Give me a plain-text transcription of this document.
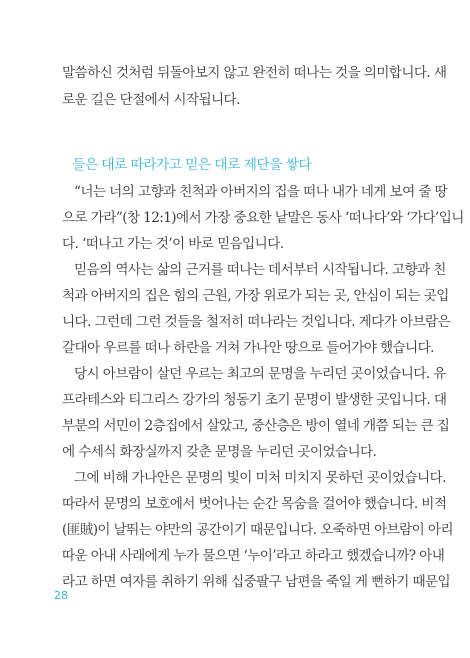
말씀하신 것처럼 뒤돌아보지 않고 완전히 떠나는 것을 의미합니다. 새
로운 길은 단절에서 시작됩니다.
들은 대로 따라가고 믿은 대로 제단을 쌓다
“너는 너의 고향과 친척과 아버지의 집을 떠나 내가 네게 보여 줄 땅
으로 가라”(창 12:1)에서 가장 중요한 낱말은 동사 ‘떠나다’와 ‘가다’입니
다. ‘떠나고 가는 것’이 바로 믿음입니다.
믿음의 역사는 삶의 근거를 떠나는 데서부터 시작됩니다. 고향과 친
척과 아버지의 집은 힘의 근원, 가장 위로가 되는 곳, 안심이 되는 곳입
니다. 그런데 그런 것들을 철저히 떠나라는 것입니다. 게다가 아브람은
갈대아 우르를 떠나 하란을 거쳐 가나안 땅으로 들어가야 했습니다.
당시 아브람이 살던 우르는 최고의 문명을 누리던 곳이었습니다. 유
프라테스와 티그리스 강가의 청동기 초기 문명이 발생한 곳입니다. 대
부분의 서민이 2층집에서 살았고, 중산층은 방이 열네 개쯤 되는 큰 집
에 수세식 화장실까지 갖춘 문명을 누리던 곳이었습니다.
그에 비해 가나안은 문명의 빛이 미처 미치지 못하던 곳이었습니다.
따라서 문명의 보호에서 벗어나는 순간 목숨을 걸어야 했습니다. 비적
(匪賊)이 날뛰는 야만의 공간이기 때문입니다. 오죽하면 아브람이 아리
따운 아내 사래에게 누가 물으면 ‘누이’라고 하라고 했겠습니까? 아내
라고 하면 여자를 취하기 위해 십중팔구 남편을 죽일 게 뻔하기 때문입
28
